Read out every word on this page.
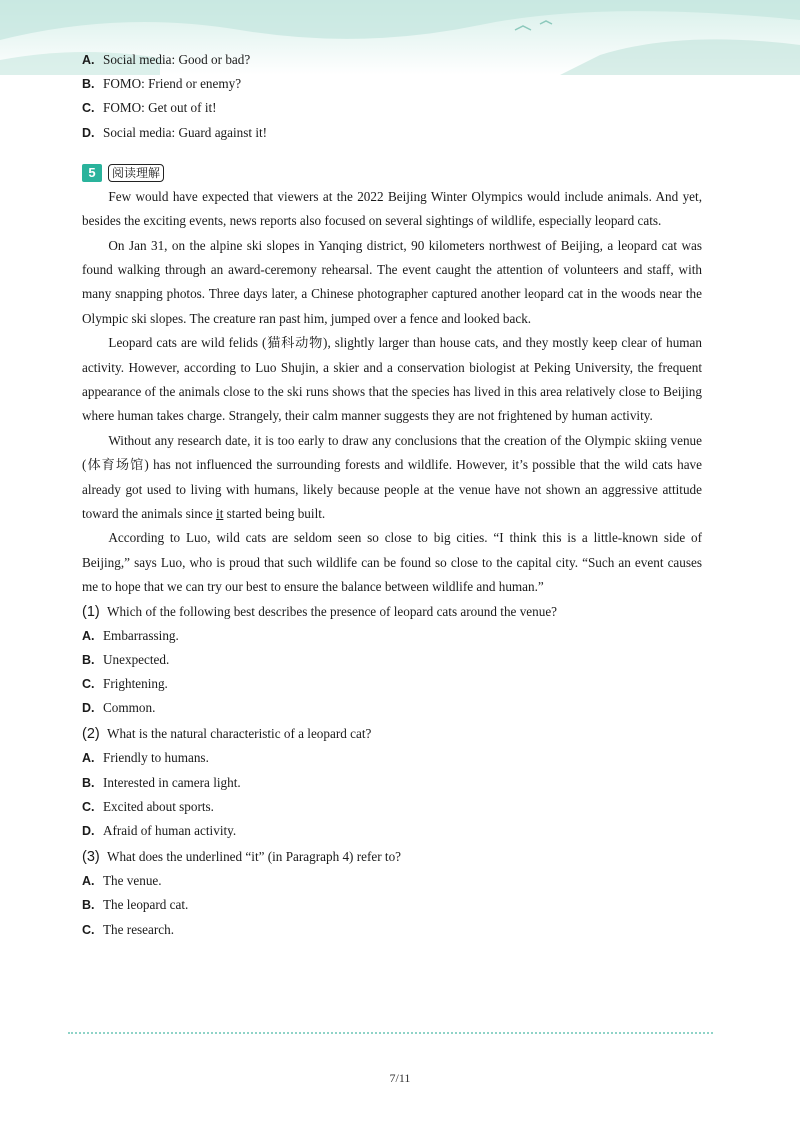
A. Social media: Good or bad?
B. FOMO: Friend or enemy?
C. FOMO: Get out of it!
D. Social media: Guard against it!
5	阅读理解

Few would have expected that viewers at the 2022 Beijing Winter Olympics would include animals. And yet, besides the exciting events, news reports also focused on several sightings of wildlife, especially leopard cats.

On Jan 31, on the alpine ski slopes in Yanqing district, 90 kilometers northwest of Beijing, a leopard cat was found walking through an award-ceremony rehearsal. The event caught the attention of volunteers and staff, with many snapping photos. Three days later, a Chinese photographer captured another leopard cat in the woods near the Olympic ski slopes. The creature ran past him, jumped over a fence and looked back.

Leopard cats are wild felids (猫科动物), slightly larger than house cats, and they mostly keep clear of human activity. However, according to Luo Shujin, a skier and a conservation biologist at Peking University, the frequent appearance of the animals close to the ski runs shows that the species has lived in this area relatively close to Beijing where human takes charge. Strangely, their calm manner suggests they are not frightened by human activity.

Without any research date, it is too early to draw any conclusions that the creation of the Olympic skiing venue (体育场馆) has not influenced the surrounding forests and wildlife. However, it’s possible that the wild cats have already got used to living with humans, likely because people at the venue have not shown an aggressive attitude toward the animals since it started being built.

According to Luo, wild cats are seldom seen so close to big cities. “I think this is a little-known side of Beijing,” says Luo, who is proud that such wildlife can be found so close to the capital city. “Such an event causes me to hope that we can try our best to ensure the balance between wildlife and human.”

(1) Which of the following best describes the presence of leopard cats around the venue?
A. Embarrassing.
B. Unexpected.
C. Frightening.
D. Common.
(2) What is the natural characteristic of a leopard cat?
A. Friendly to humans.
B. Interested in camera light.
C. Excited about sports.
D. Afraid of human activity.
(3) What does the underlined “it” (in Paragraph 4) refer to?
A. The venue.
B. The leopard cat.
C. The research.
7/11
